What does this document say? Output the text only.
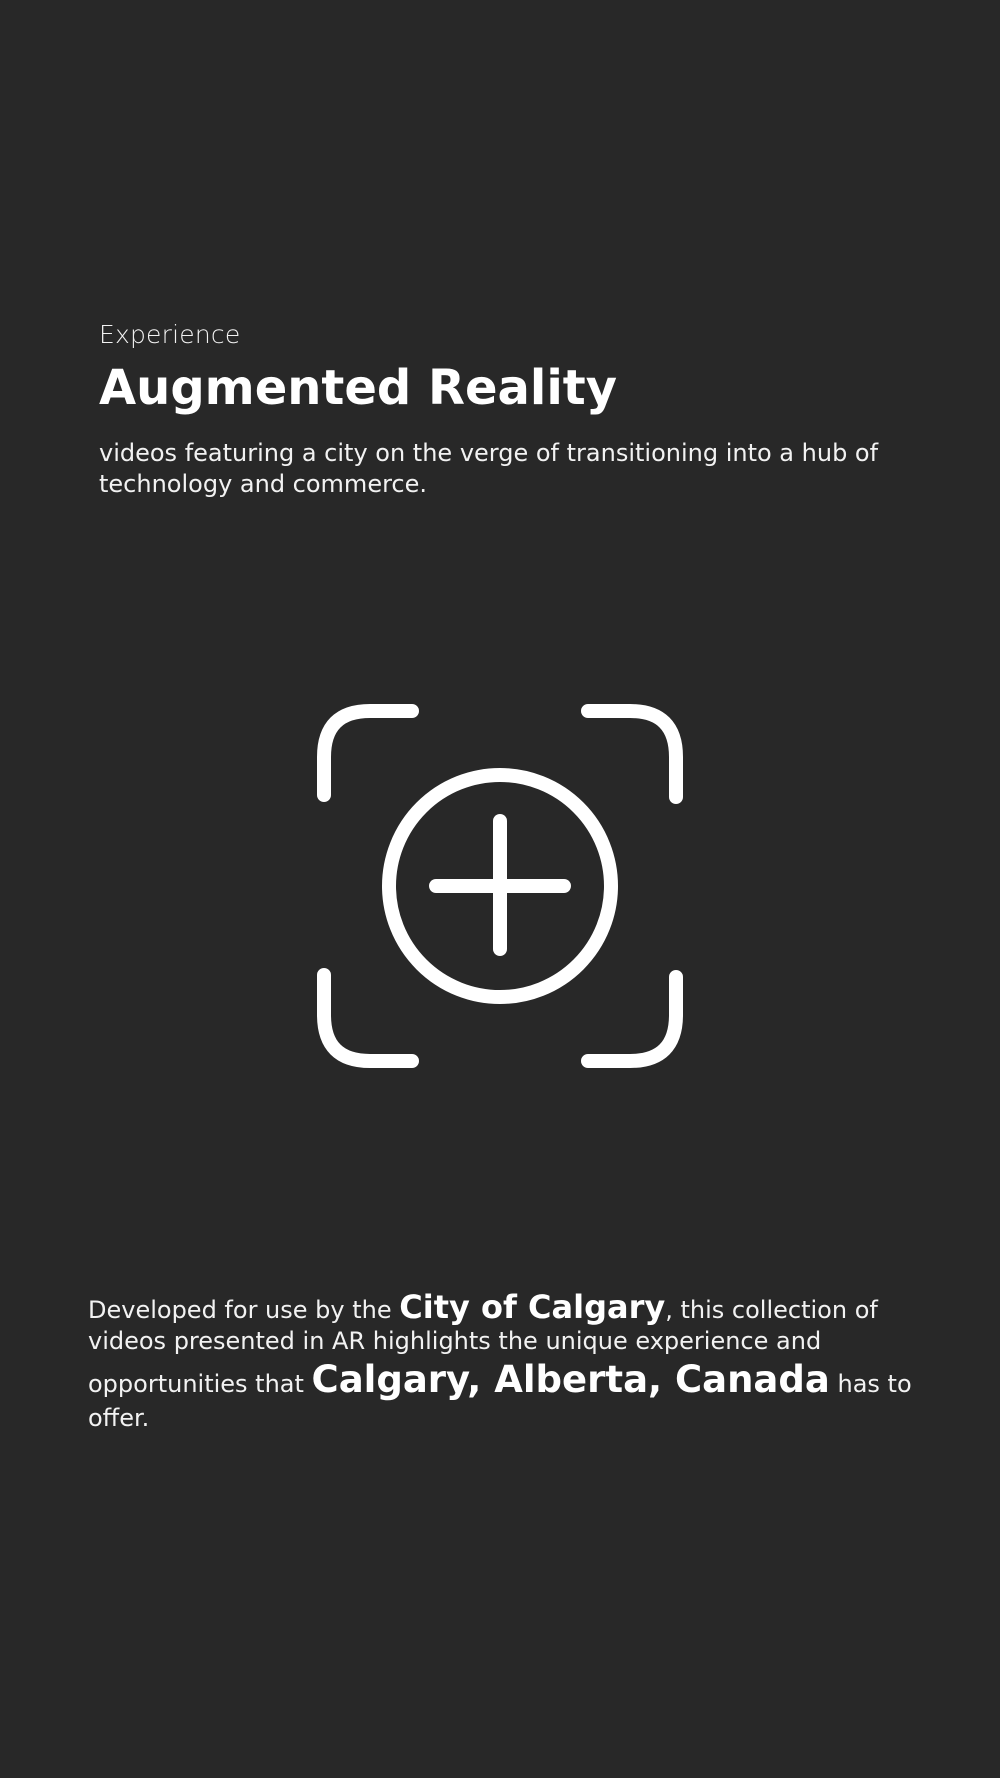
Experience
Augmented Reality
videos featuring a city on the verge of transitioning into a hub of technology and commerce.
Developed for use by the City of Calgary, this collection of videos presented in AR highlights the unique experience and opportunities that Calgary, Alberta, Canada has to offer.
